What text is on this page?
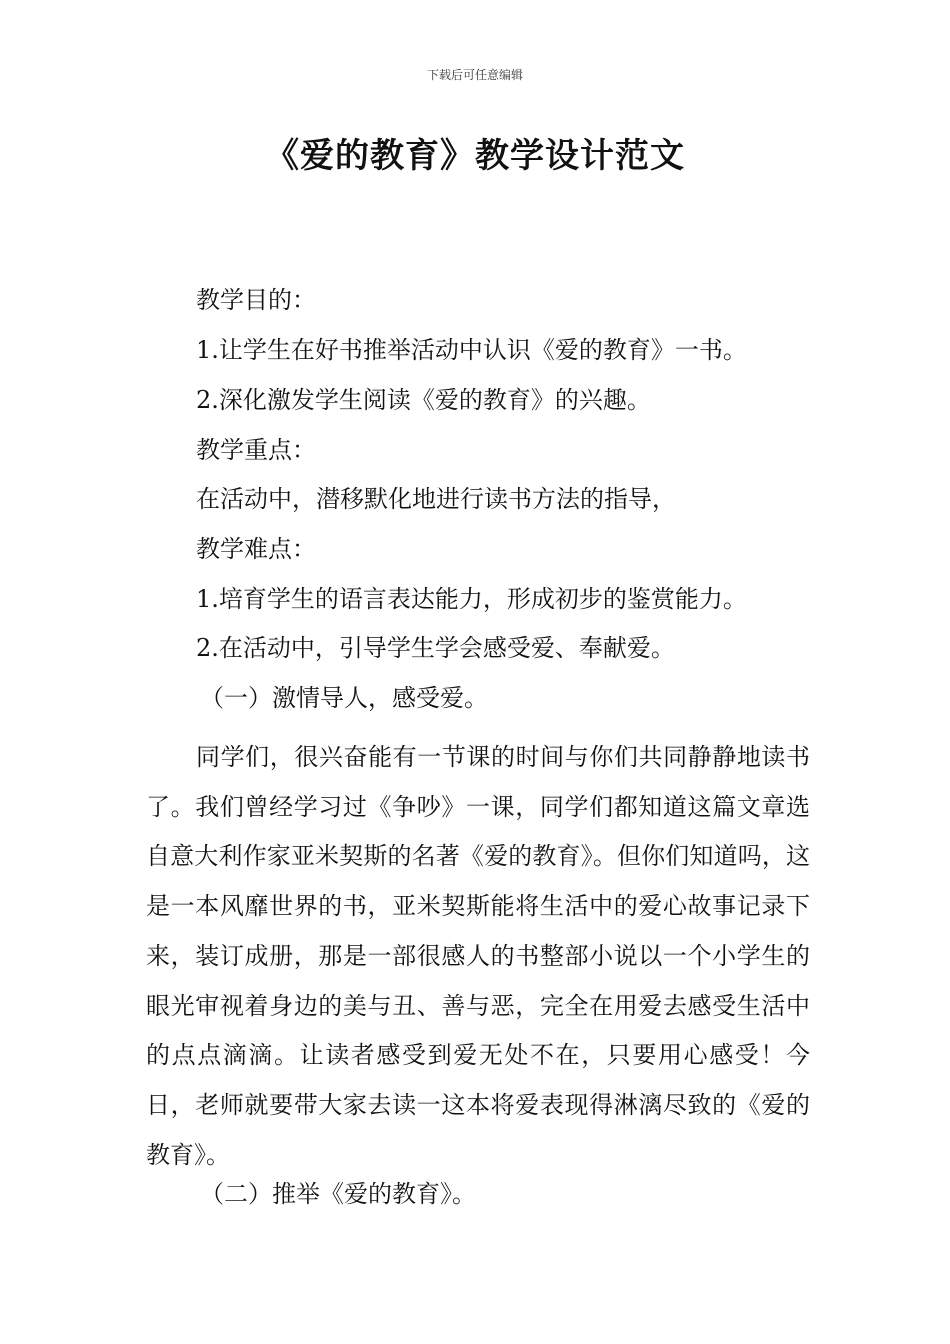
下载后可任意编辑
《爱的教育》教学设计范文
教学目的：
1.让学生在好书推举活动中认识《爱的教育》一书。
2.深化激发学生阅读《爱的教育》的兴趣。
教学重点：
在活动中，潜移默化地进行读书方法的指导，
教学难点：
1.培育学生的语言表达能力，形成初步的鉴赏能力。
2.在活动中，引导学生学会感受爱、奉献爱。
（一）激情导人，感受爱。

同学们，很兴奋能有一节课的时间与你们共同静静地读书了。我们曾经学习过《争吵》一课，同学们都知道这篇文章选自意大利作家亚米契斯的名著《爱的教育》。但你们知道吗，这是一本风靡世界的书，亚米契斯能将生活中的爱心故事记录下来，装订成册，那是一部很感人的书整部小说以一个小学生的眼光审视着身边的美与丑、善与恶，完全在用爱去感受生活中的点点滴滴。让读者感受到爱无处不在，只要用心感受！今日，老师就要带大家去读一这本将爱表现得淋漓尽致的《爱的教育》。

（二）推举《爱的教育》。
